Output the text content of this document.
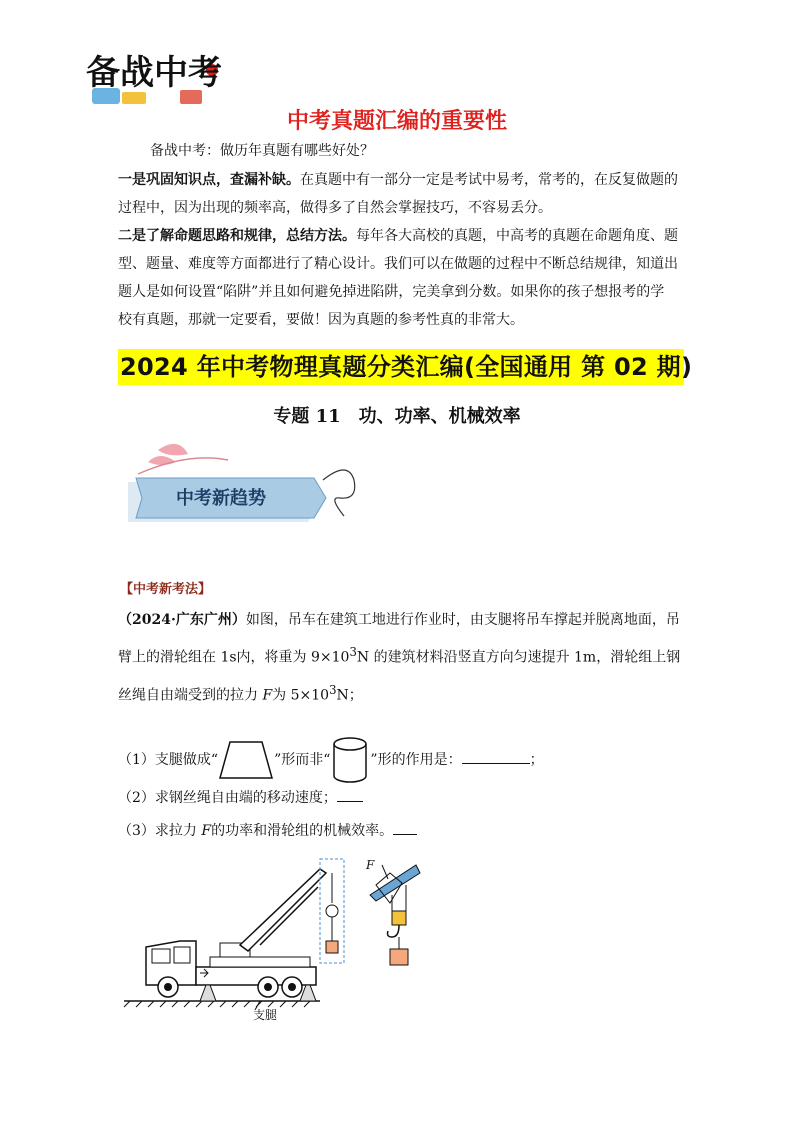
备战中考
中考真题汇编的重要性
备战中考：做历年真题有哪些好处？
一是巩固知识点，查漏补缺。在真题中有一部分一定是考试中易考，常考的，在反复做题的过程中，因为出现的频率高，做得多了自然会掌握技巧，不容易丢分。
二是了解命题思路和规律，总结方法。每年各大高校的真题，中高考的真题在命题角度、题型、题量、难度等方面都进行了精心设计。我们可以在做题的过程中不断总结规律，知道出题人是如何设置“陷阱”并且如何避免掉进陷阱，完美拿到分数。如果你的孩子想报考的学校有真题，那就一定要看，要做！因为真题的参考性真的非常大。
2024 年中考物理真题分类汇编(全国通用 第 02 期)
专题 11　功、功率、机械效率
中考新趋势
【中考新考法】
（2024·广东广州）如图，吊车在建筑工地进行作业时，由支腿将吊车撑起并脱离地面，吊臂上的滑轮组在 1s内，将重为 $9\times 10^3N$ 的建筑材料沿竖直方向匀速提升 1m，滑轮组上钢丝绳自由端受到的拉力 F为 $5\times 10^3N$；
（1）支腿做成“	”形而非“	”形的作用是：	；
（2）求钢丝绳自由端的移动速度；
（3）求拉力 F的功率和滑轮组的机械效率。
F
支腿
